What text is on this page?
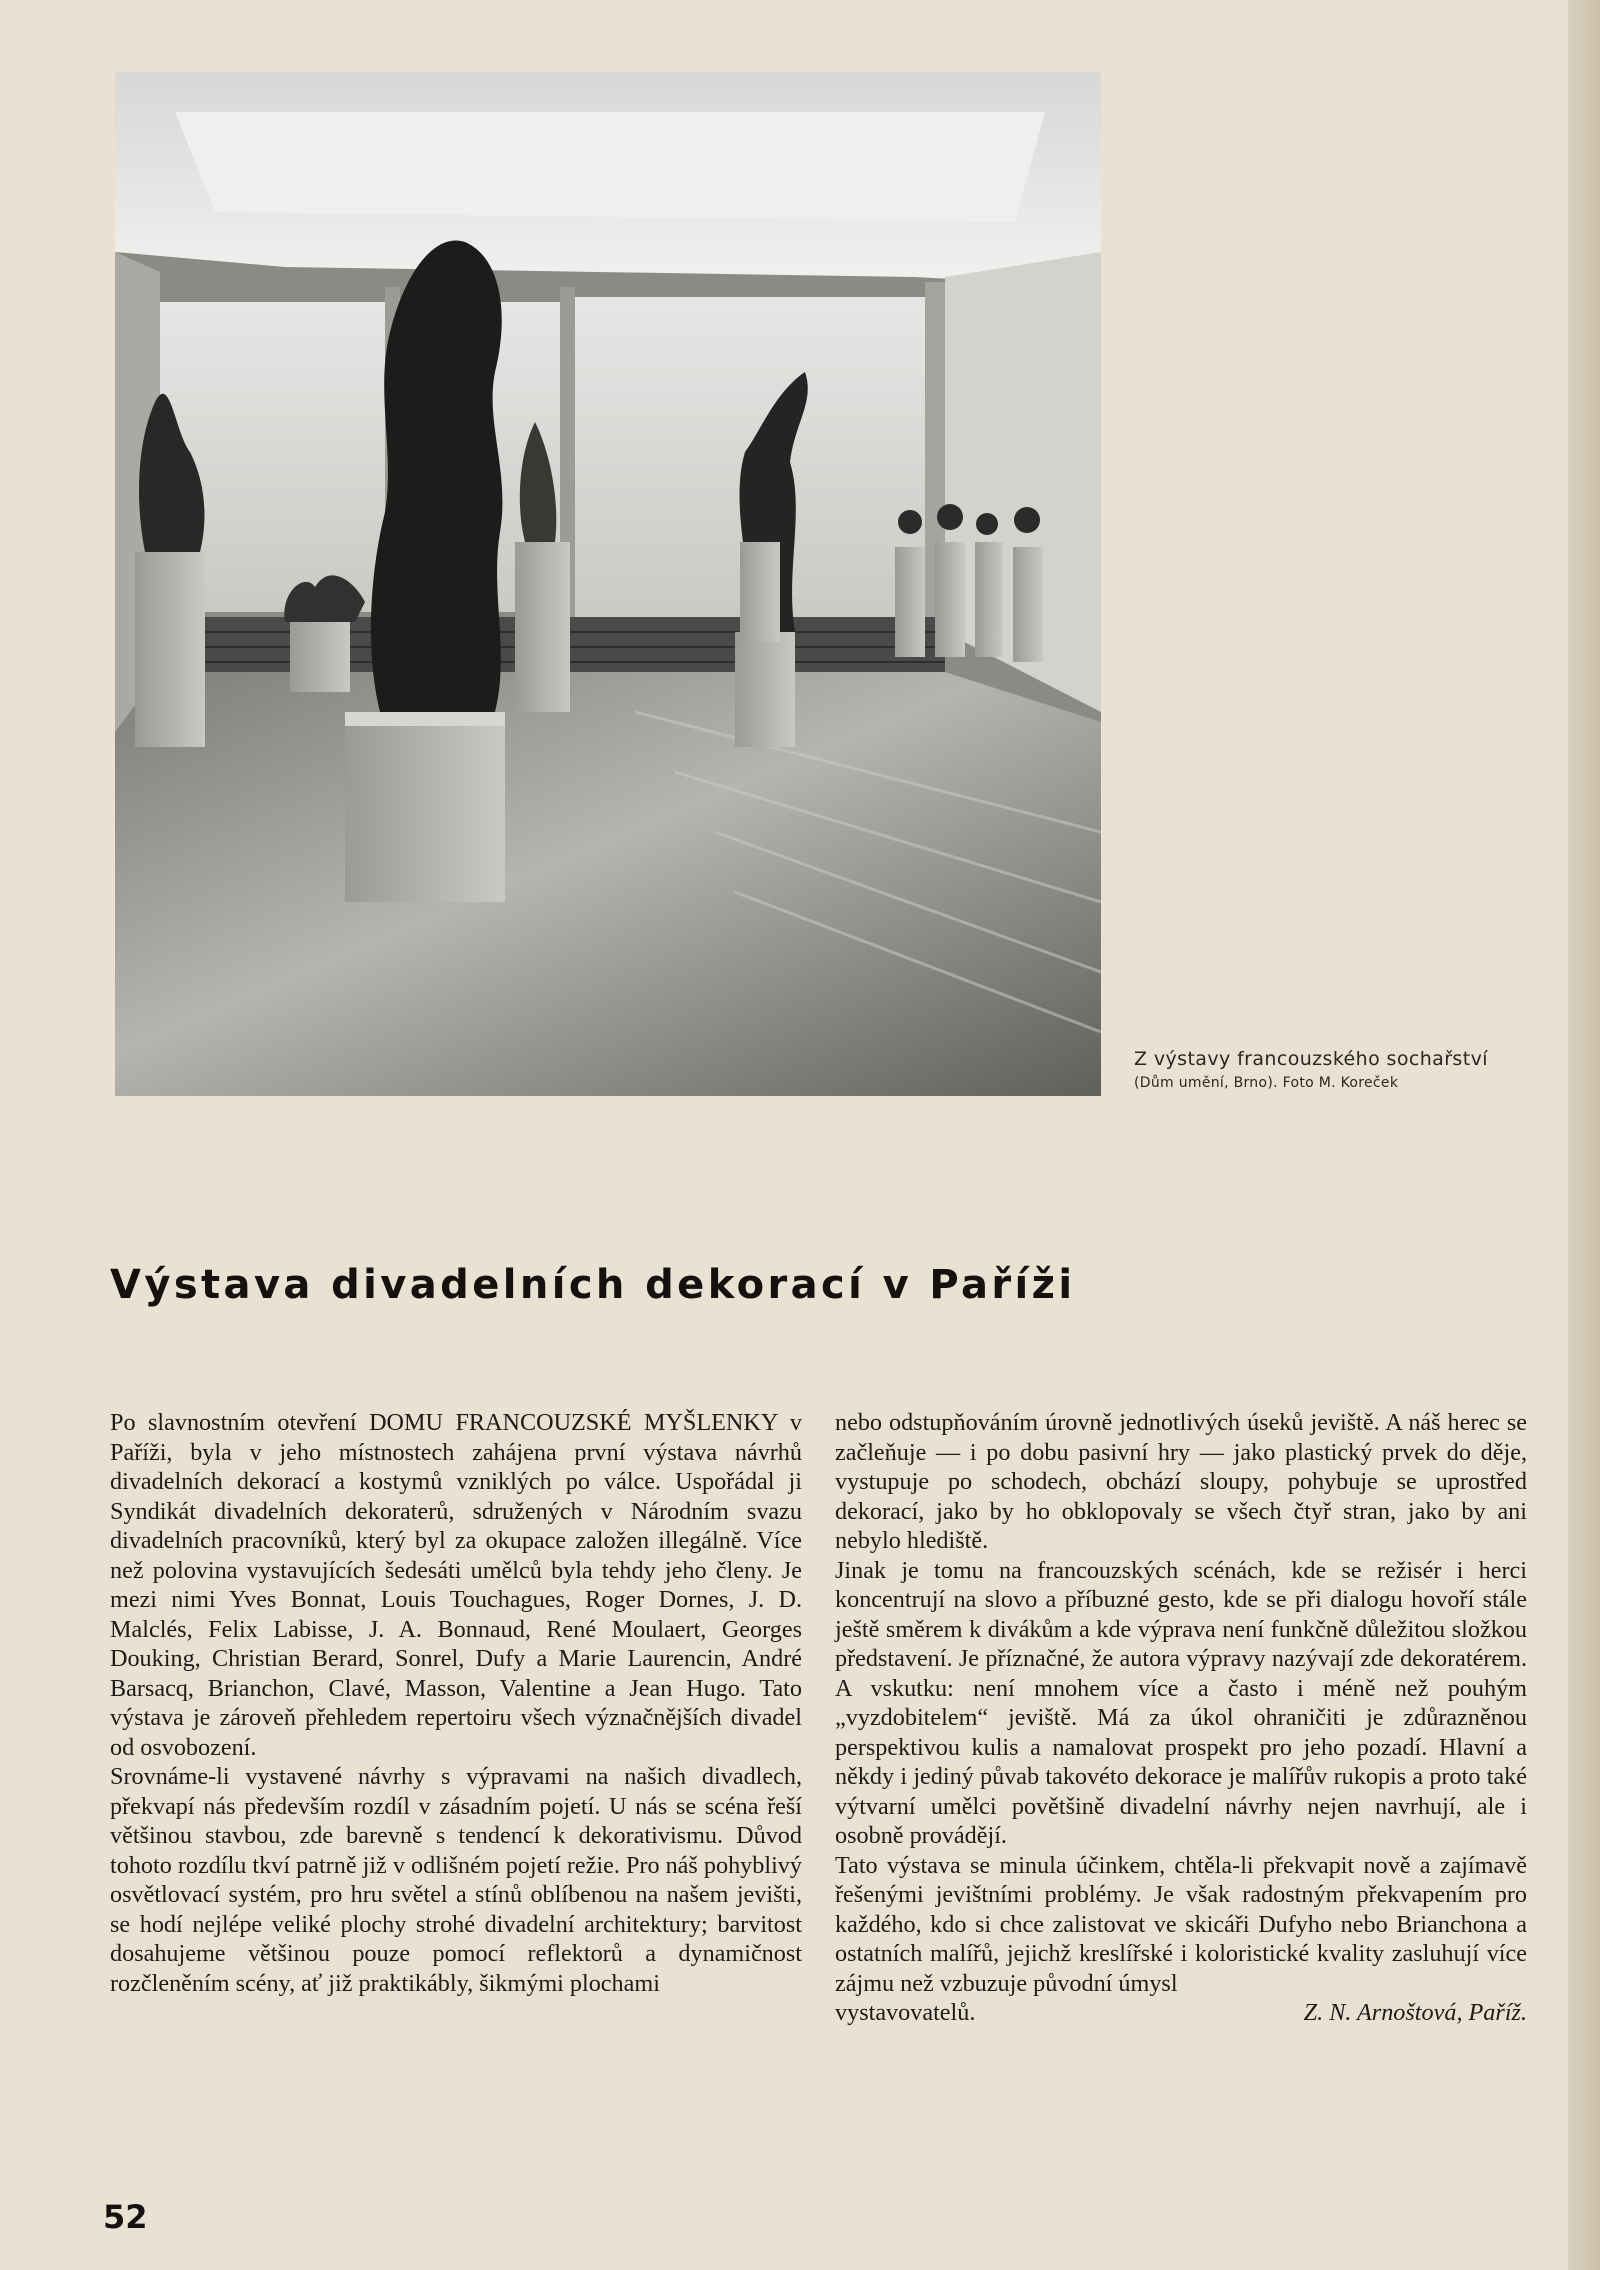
Z výstavy francouzského sochařství
(Dům umění, Brno). Foto M. Koreček
Výstava divadelních dekorací v Paříži

Po slavnostním otevření DOMU FRANCOUZSKÉ MYŠLENKY v Paříži, byla v jeho místnostech zahájena první výstava návrhů divadelních dekorací a kostymů vzniklých po válce. Uspořádal ji Syndikát divadelních dekoraterů, sdružených v Národním svazu divadelních pracovníků, který byl za okupace založen illegálně. Více než polovina vystavujících šedesáti umělců byla tehdy jeho členy. Je mezi nimi Yves Bonnat, Louis Touchagues, Roger Dornes, J. D. Malclés, Felix Labisse, J. A. Bonnaud, René Moulaert, Georges Douking, Christian Berard, Sonrel, Dufy a Marie Laurencin, André Barsacq, Brianchon, Clavé, Masson, Valentine a Jean Hugo. Tato výstava je zároveň přehledem repertoiru všech význačnějších divadel od osvobození.

Srovnáme-li vystavené návrhy s výpravami na našich divadlech, překvapí nás především rozdíl v zásadním pojetí. U nás se scéna řeší většinou stavbou, zde barevně s tendencí k dekorativismu. Důvod tohoto rozdílu tkví patrně již v odlišném pojetí režie. Pro náš pohyblivý osvětlovací systém, pro hru světel a stínů oblíbenou na našem jevišti, se hodí nejlépe veliké plochy strohé divadelní architektury; barvitost dosahujeme většinou pouze pomocí reflektorů a dynamičnost rozčleněním scény, ať již praktikábly, šikmými plochami

nebo odstupňováním úrovně jednotlivých úseků jeviště. A náš herec se začleňuje — i po dobu pasivní hry — jako plastický prvek do děje, vystupuje po schodech, obchází sloupy, pohybuje se uprostřed dekorací, jako by ho obklopovaly se všech čtyř stran, jako by ani nebylo hlediště.

Jinak je tomu na francouzských scénách, kde se režisér i herci koncentrují na slovo a příbuzné gesto, kde se při dialogu hovoří stále ještě směrem k divákům a kde výprava není funkčně důležitou složkou představení. Je příznačné, že autora výpravy nazývají zde dekoratérem. A vskutku: není mnohem více a často i méně než pouhým „vyzdobitelem“ jeviště. Má za úkol ohraničiti je zdůrazněnou perspektivou kulis a namalovat prospekt pro jeho pozadí. Hlavní a někdy i jediný půvab takovéto dekorace je malířův rukopis a proto také výtvarní umělci povětšině divadelní návrhy nejen navrhují, ale i osobně provádějí.

Tato výstava se minula účinkem, chtěla-li překvapit nově a zajímavě řešenými jevištními problémy. Je však radostným překvapením pro každého, kdo si chce zalistovat ve skicáři Dufyho nebo Brianchona a ostatních malířů, jejichž kreslířské i koloristické kvality zasluhují více zájmu než vzbuzuje původní úmysl

vystavovatelů.	Z. N. Arnoštová, Paříž.

52
